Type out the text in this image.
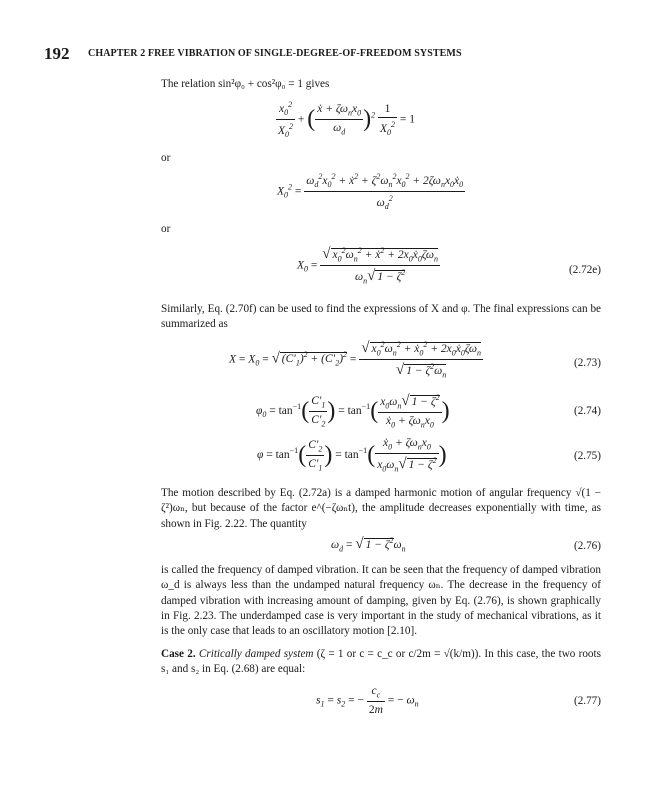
192 CHAPTER 2 FREE VIBRATION OF SINGLE-DEGREE-OF-FREEDOM SYSTEMS
The relation sin²φ₀ + cos²φ₀ = 1 gives
$\frac{x_0^2}{X_0^2}$ + ( $\frac{ẋ + \zeta\omega_nx_0}{\omega_d} )^2 \frac{1}{X_0^2} = 1$
or
$X_0^2 = \frac{\omega_d^2x_0^2 + ẋ^2 + \zeta^2\omega_n^2x_0^2 + 2\zeta\omega_nx_0ẋ_0}{\omega_d^2}$
or
$X_0 = \frac{√ x_0^2\omega_n^2 + ẋ^2 + 2x_0ẋ_0\zeta\omega_n}{\omega_n√ 1 - \zeta^2}$	(2.72e)
Similarly, Eq. (2.70f) can be used to find the expressions of X and φ. The final expressions can be summarized as
$X = X_0$ = √ $(C'_1)^2 + (C'_2)^2 = \frac{√ x_0^2\omega_n^2 + ẋ_0^2 + 2x_0ẋ_0\zeta\omega_n}{√ 1 - \zeta^2\omega_n}$	(2.73)
$\varphi_0 = \tan^{-1}( \frac{C'_1}{C'_2}$ ) = $\tan^{-1}( \frac{x_0\omega_n√ 1 - \zeta^2}{ẋ_0 + \zeta\omega_nx_0}$ )	(2.74)
$\varphi = \tan^{-1}( \frac{C'_2}{C'_1}$ ) = $\tan^{-1}( \frac{ẋ_0 + \zeta\omega_nx_0}{x_0\omega_n√ 1 - \zeta^2}$ )	(2.75)
The motion described by Eq. (2.72a) is a damped harmonic motion of angular frequency √(1 − ζ²)ωₙ, but because of the factor e^(−ζωₙt), the amplitude decreases exponentially with time, as shown in Fig. 2.22. The quantity
$\omega_d$ = √ $1 - \zeta^2\omega_n$	(2.76)
is called the frequency of damped vibration. It can be seen that the frequency of damped vibration ω_d is always less than the undamped natural frequency ωₙ. The decrease in the frequency of damped vibration with increasing amount of damping, given by Eq. (2.76), is shown graphically in Fig. 2.23. The underdamped case is very important in the study of mechanical vibrations, as it is the only case that leads to an oscillatory motion [2.10].
Case 2. Critically damped system (ζ = 1 or c = c_c or c/2m = √(k/m)). In this case, the two roots s₁ and s₂ in Eq. (2.68) are equal:
$s_1 = s_2$ = − $\frac{c_c}{2m}$ = − $\omega_n$	(2.77)
